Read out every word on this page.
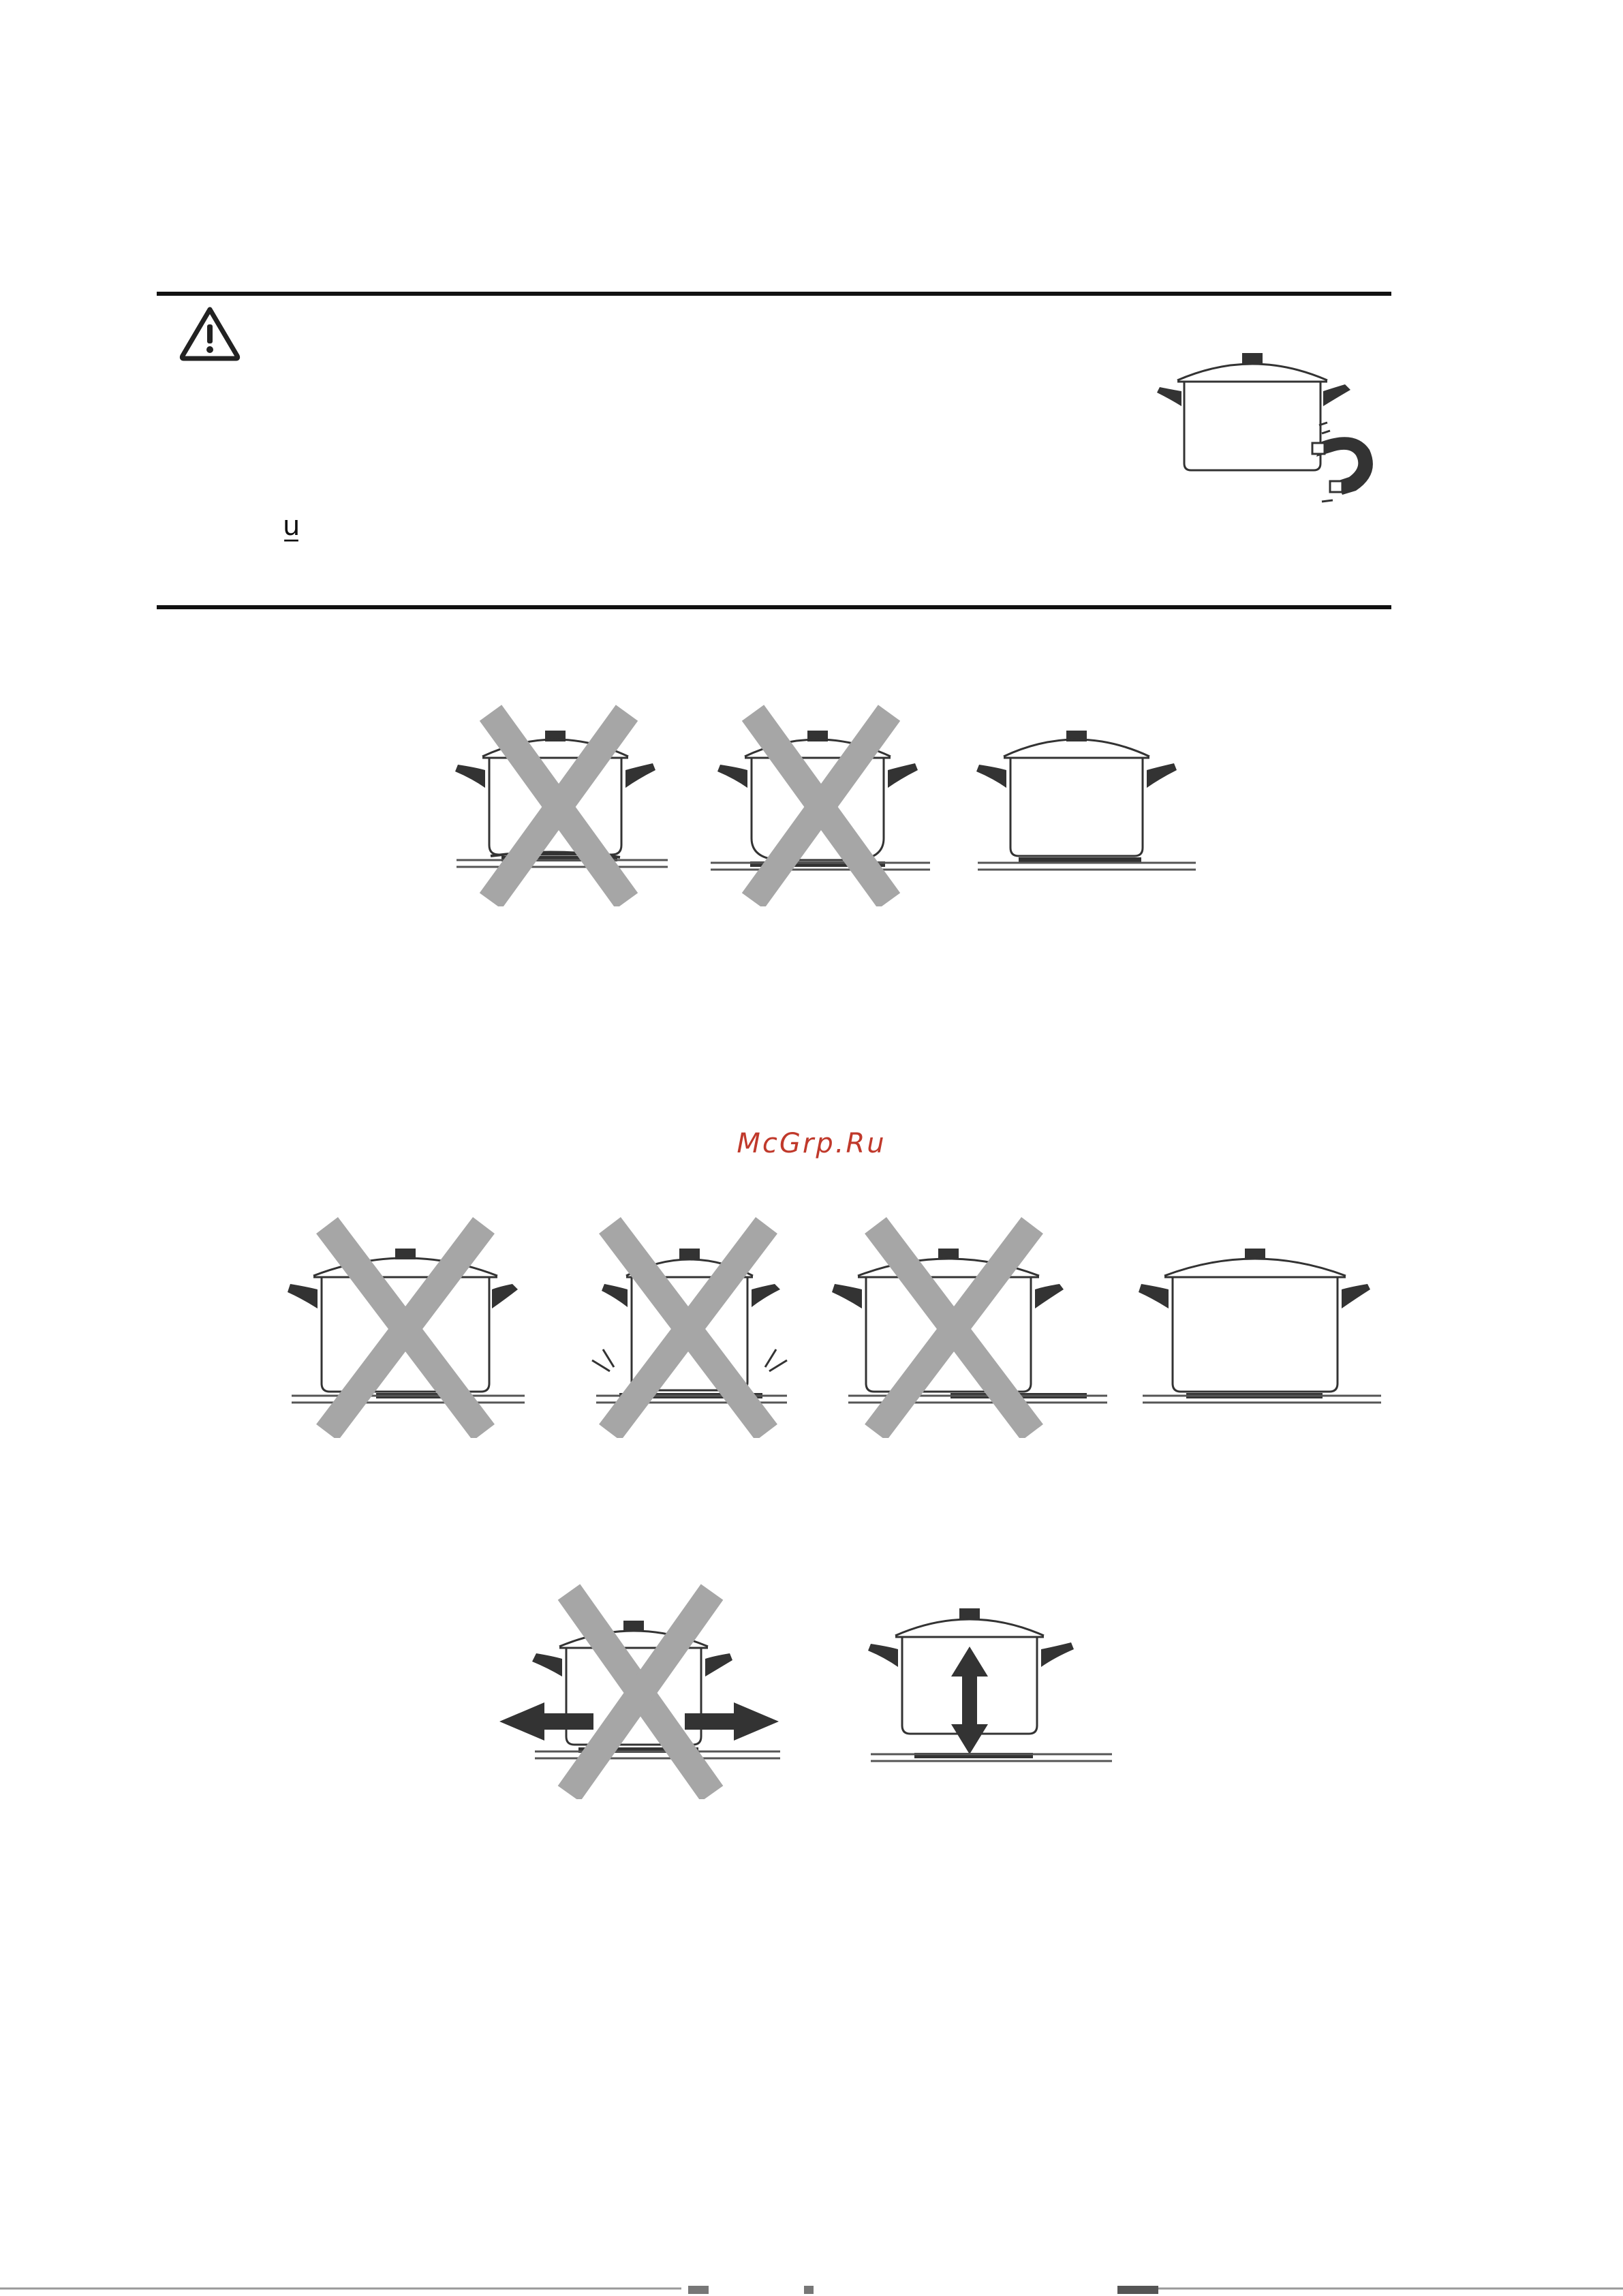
u̲
McGrp.Ru
